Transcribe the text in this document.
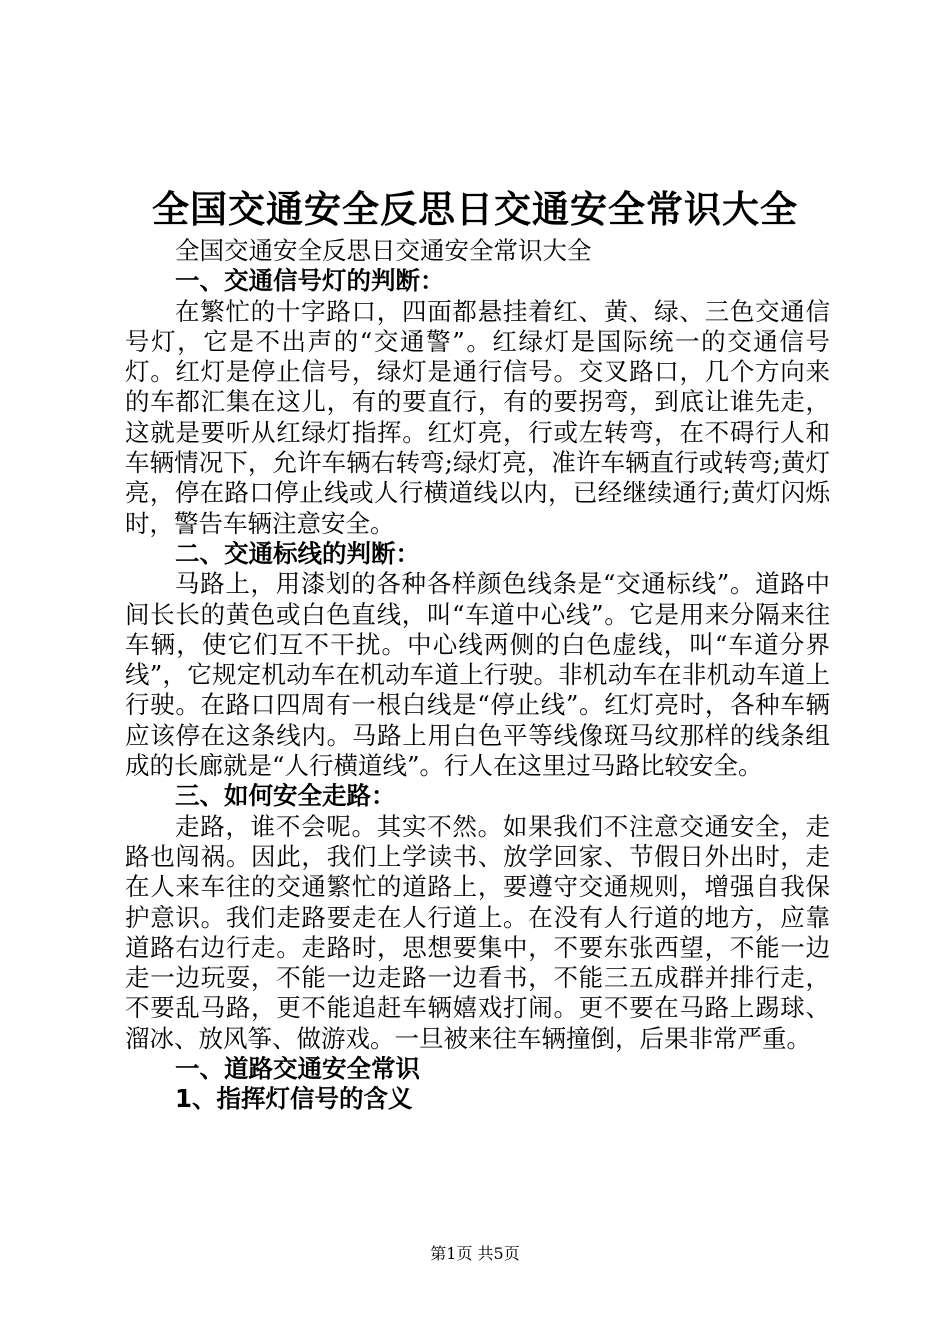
全国交通安全反思日交通安全常识大全

全国交通安全反思日交通安全常识大全

一、交通信号灯的判断：

在繁忙的十字路口，四面都悬挂着红、黄、绿、三色交通信号灯，它是不出声的“交通警”。红绿灯是国际统一的交通信号灯。红灯是停止信号，绿灯是通行信号。交叉路口，几个方向来的车都汇集在这儿，有的要直行，有的要拐弯，到底让谁先走，这就是要听从红绿灯指挥。红灯亮，行或左转弯，在不碍行人和车辆情况下，允许车辆右转弯;绿灯亮，准许车辆直行或转弯;黄灯亮，停在路口停止线或人行横道线以内，已经继续通行;黄灯闪烁时，警告车辆注意安全。

二、交通标线的判断：

马路上，用漆划的各种各样颜色线条是“交通标线”。道路中间长长的黄色或白色直线，叫“车道中心线”。它是用来分隔来往车辆，使它们互不干扰。中心线两侧的白色虚线，叫“车道分界线”，它规定机动车在机动车道上行驶。非机动车在非机动车道上行驶。在路口四周有一根白线是“停止线”。红灯亮时，各种车辆应该停在这条线内。马路上用白色平等线像斑马纹那样的线条组成的长廊就是“人行横道线”。行人在这里过马路比较安全。

三、如何安全走路：

走路，谁不会呢。其实不然。如果我们不注意交通安全，走路也闯祸。因此，我们上学读书、放学回家、节假日外出时，走在人来车往的交通繁忙的道路上，要遵守交通规则，增强自我保护意识。我们走路要走在人行道上。在没有人行道的地方，应靠道路右边行走。走路时，思想要集中，不要东张西望，不能一边走一边玩耍，不能一边走路一边看书，不能三五成群并排行走，不要乱马路，更不能追赶车辆嬉戏打闹。更不要在马路上踢球、溜冰、放风筝、做游戏。一旦被来往车辆撞倒，后果非常严重。

一、道路交通安全常识

1、指挥灯信号的含义

第1页 共5页
